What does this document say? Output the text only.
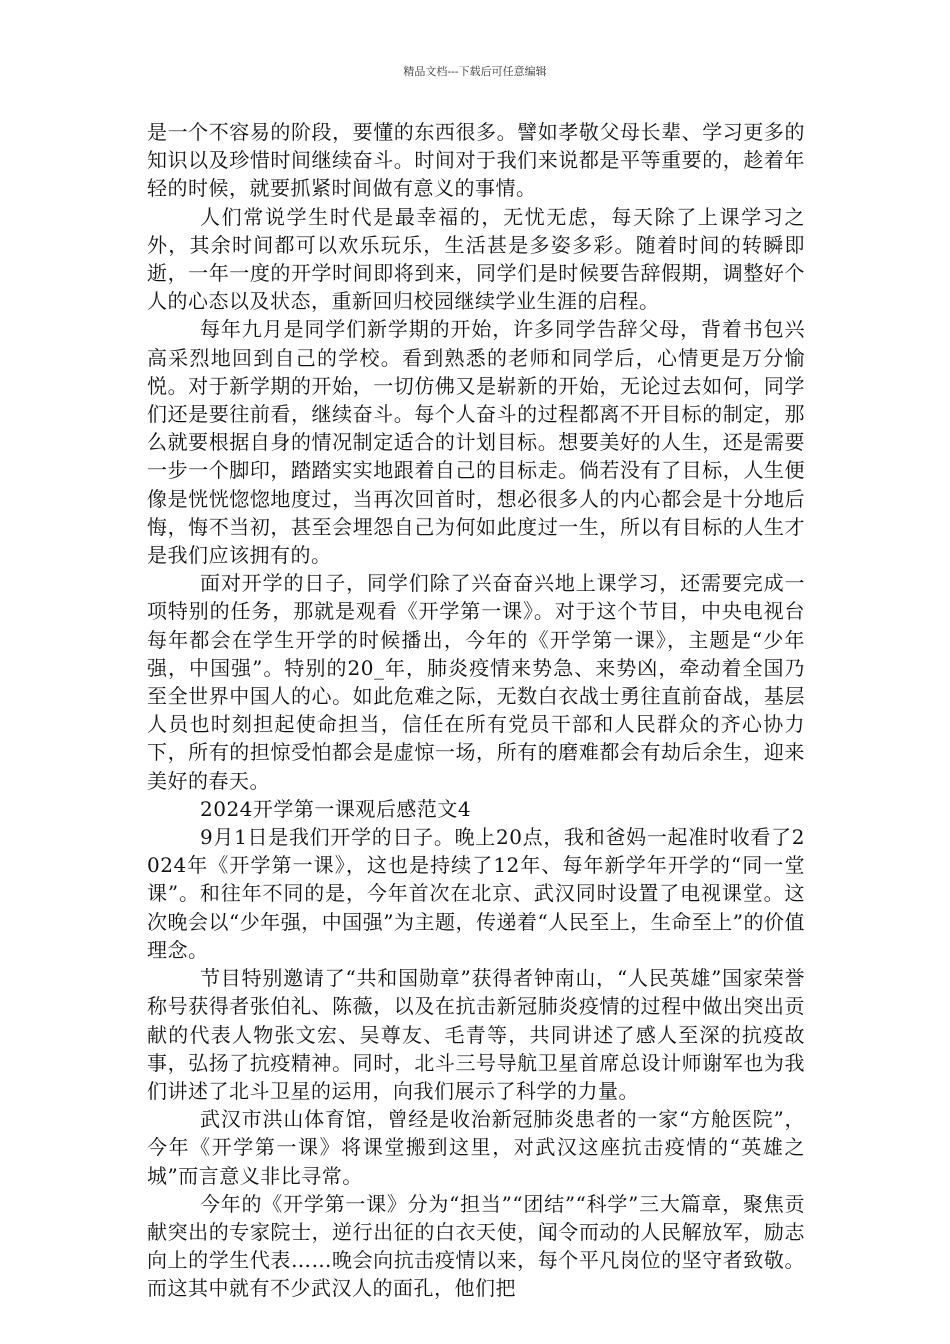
精品文档---下载后可任意编辑

是一个不容易的阶段，要懂的东西很多。譬如孝敬父母长辈、学习更多的知识以及珍惜时间继续奋斗。时间对于我们来说都是平等重要的，趁着年轻的时候，就要抓紧时间做有意义的事情。

人们常说学生时代是最幸福的，无忧无虑，每天除了上课学习之外，其余时间都可以欢乐玩乐，生活甚是多姿多彩。随着时间的转瞬即逝，一年一度的开学时间即将到来，同学们是时候要告辞假期，调整好个人的心态以及状态，重新回归校园继续学业生涯的启程。

每年九月是同学们新学期的开始，许多同学告辞父母，背着书包兴高采烈地回到自己的学校。看到熟悉的老师和同学后，心情更是万分愉悦。对于新学期的开始，一切仿佛又是崭新的开始，无论过去如何，同学们还是要往前看，继续奋斗。每个人奋斗的过程都离不开目标的制定，那么就要根据自身的情况制定适合的计划目标。想要美好的人生，还是需要一步一个脚印，踏踏实实地跟着自己的目标走。倘若没有了目标，人生便像是恍恍惚惚地度过，当再次回首时，想必很多人的内心都会是十分地后悔，悔不当初，甚至会埋怨自己为何如此度过一生，所以有目标的人生才是我们应该拥有的。

面对开学的日子，同学们除了兴奋奋兴地上课学习，还需要完成一项特别的任务，那就是观看《开学第一课》。对于这个节目，中央电视台每年都会在学生开学的时候播出，今年的《开学第一课》，主题是“少年强，中国强”。特别的20_年，肺炎疫情来势急、来势凶，牵动着全国乃至全世界中国人的心。如此危难之际，无数白衣战士勇往直前奋战，基层人员也时刻担起使命担当，信任在所有党员干部和人民群众的齐心协力下，所有的担惊受怕都会是虚惊一场，所有的磨难都会有劫后余生，迎来美好的春天。

2024开学第一课观后感范文4

9月1日是我们开学的日子。晚上20点，我和爸妈一起准时收看了2024年《开学第一课》，这也是持续了12年、每年新学年开学的“同一堂课”。和往年不同的是，今年首次在北京、武汉同时设置了电视课堂。这次晚会以“少年强，中国强”为主题，传递着“人民至上，生命至上”的价值理念。

节目特别邀请了“共和国勋章”获得者钟南山，“人民英雄”国家荣誉称号获得者张伯礼、陈薇，以及在抗击新冠肺炎疫情的过程中做出突出贡献的代表人物张文宏、吴尊友、毛青等，共同讲述了感人至深的抗疫故事，弘扬了抗疫精神。同时，北斗三号导航卫星首席总设计师谢军也为我们讲述了北斗卫星的运用，向我们展示了科学的力量。

武汉市洪山体育馆，曾经是收治新冠肺炎患者的一家“方舱医院”，今年《开学第一课》将课堂搬到这里，对武汉这座抗击疫情的“英雄之城”而言意义非比寻常。

今年的《开学第一课》分为“担当”“团结”“科学”三大篇章，聚焦贡献突出的专家院士，逆行出征的白衣天使，闻令而动的人民解放军，励志向上的学生代表……晚会向抗击疫情以来，每个平凡岗位的坚守者致敬。而这其中就有不少武汉人的面孔，他们把
